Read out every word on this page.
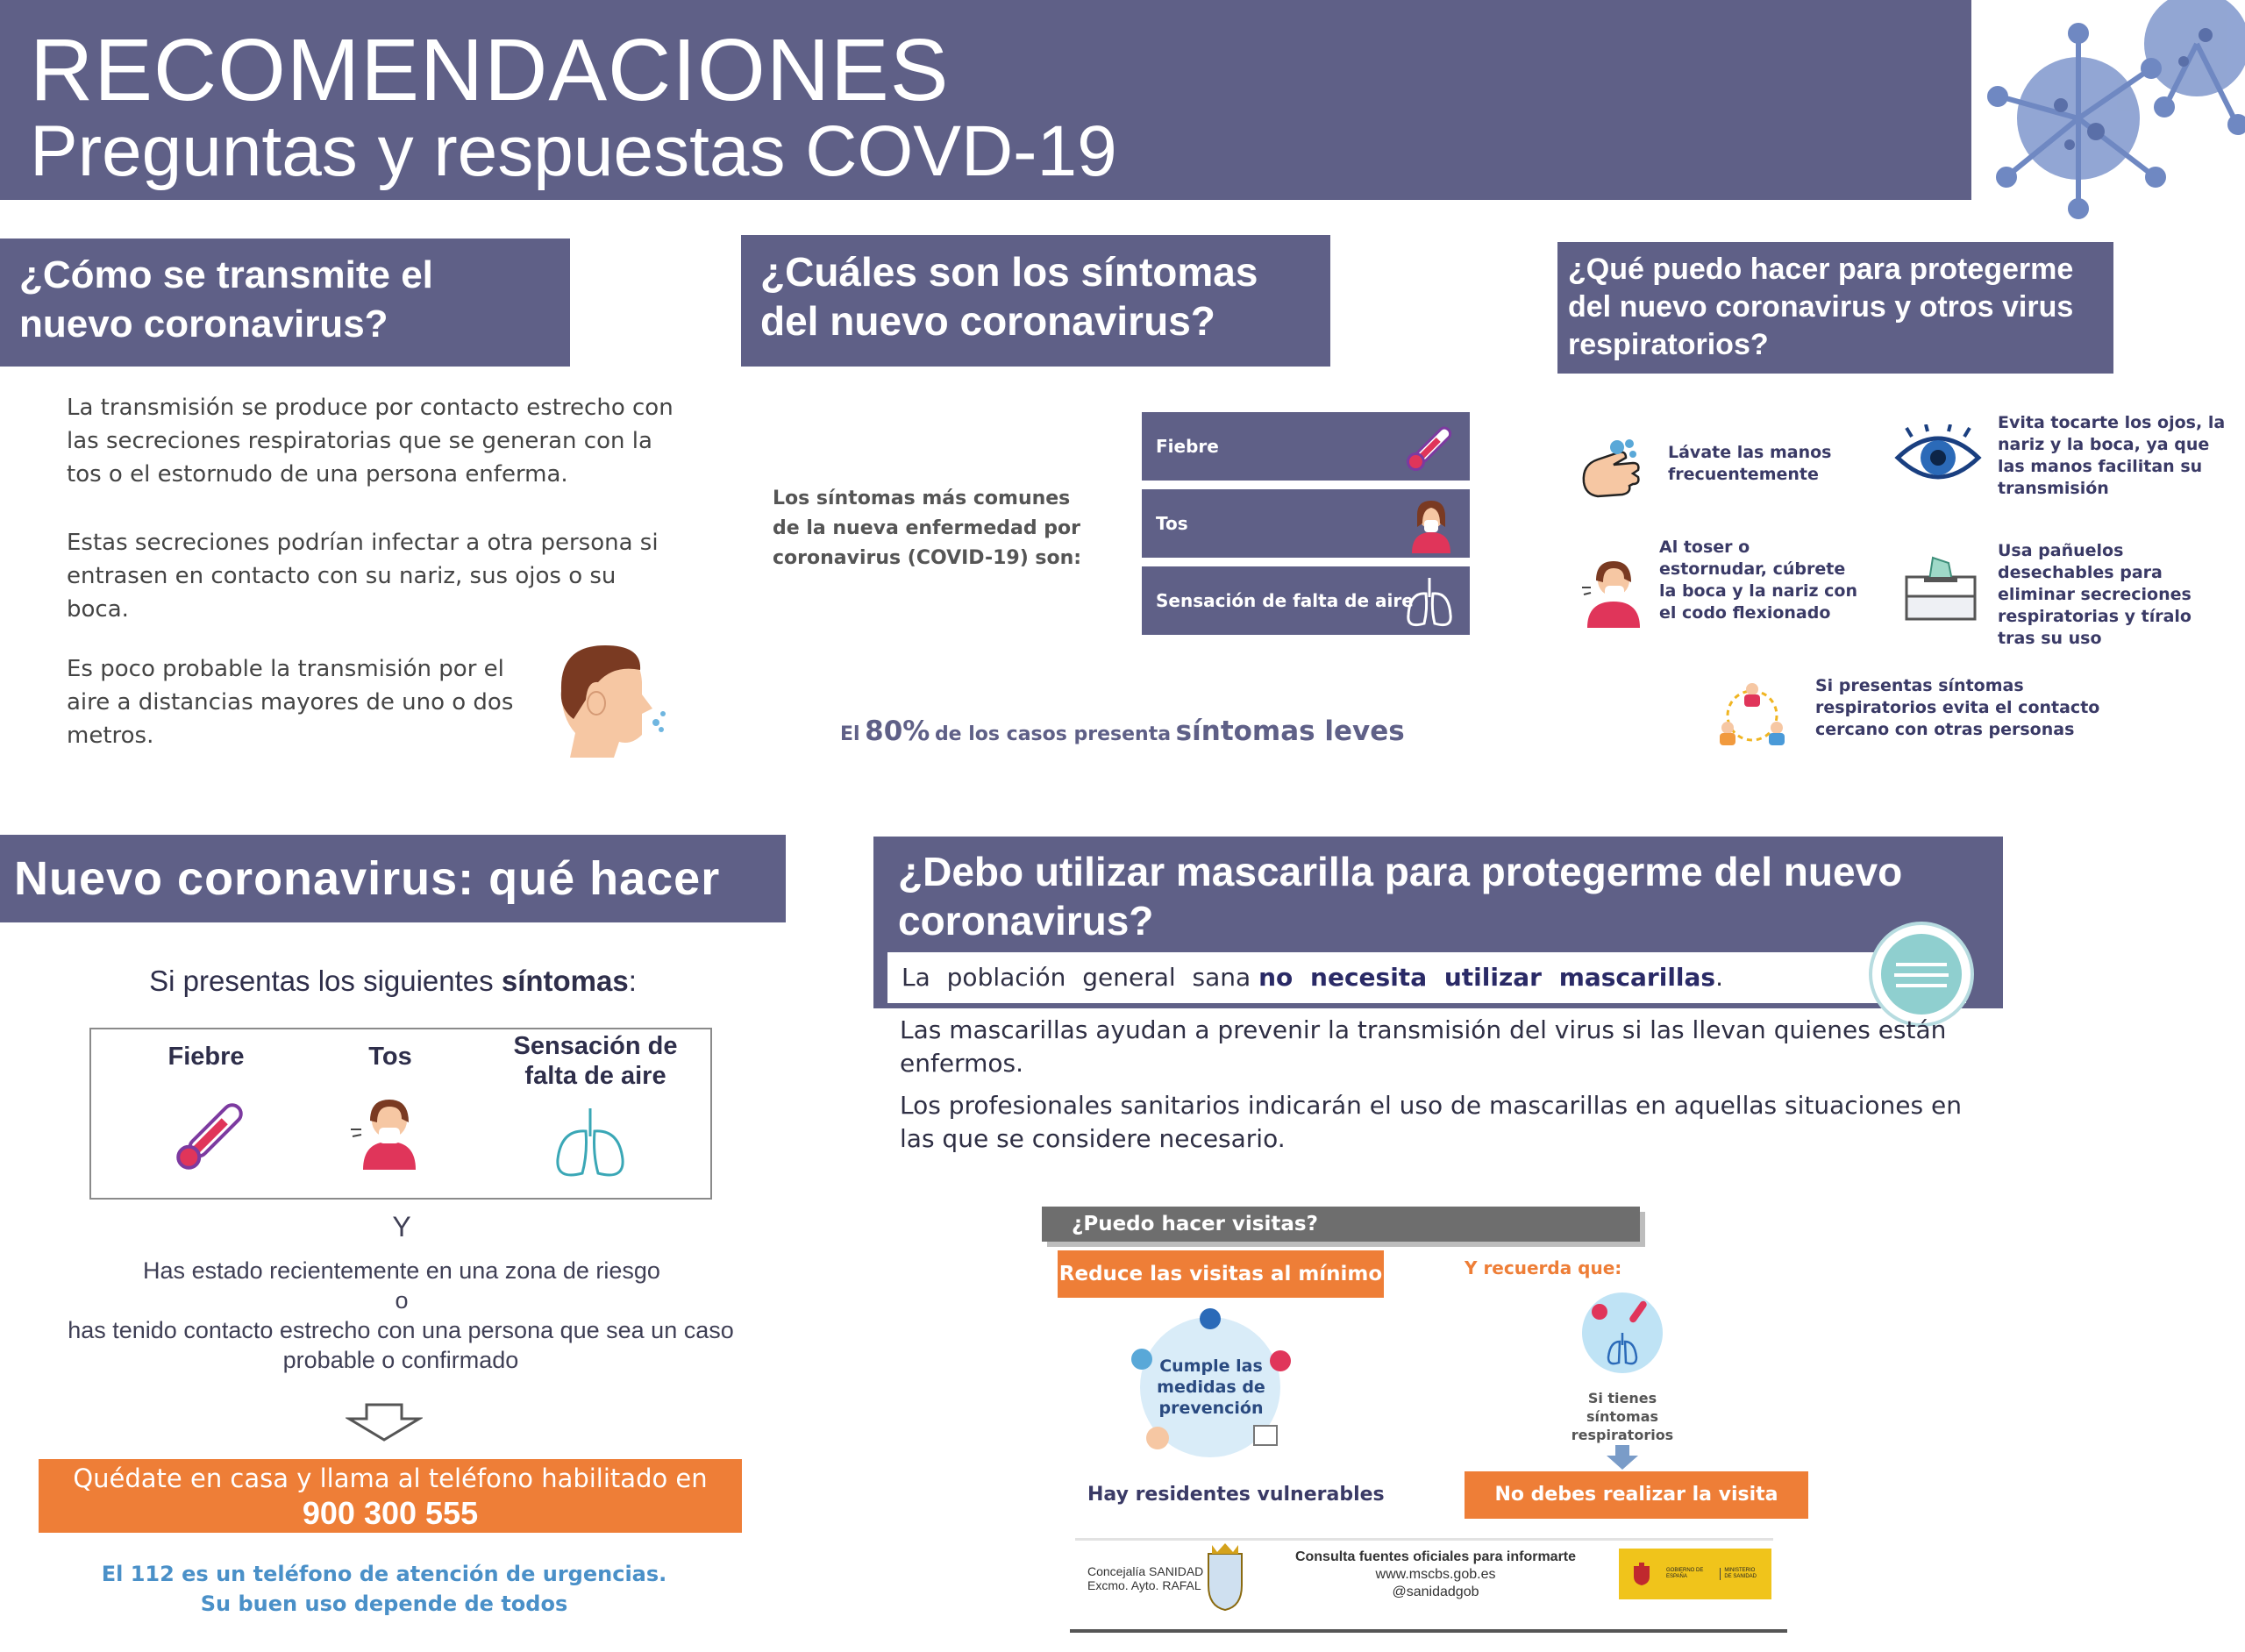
RECOMENDACIONES
Preguntas y respuestas COVD-19
¿Cómo se transmite el nuevo coronavirus?
La transmisión se produce por contacto estrecho con las secreciones respiratorias que se generan con la tos o el estornudo de una persona enferma.
Estas secreciones podrían infectar a otra persona si entrasen en contacto con su nariz, sus ojos o su boca.
Es poco probable la transmisión por el aire a distancias mayores de uno o dos metros.
¿Cuáles son los síntomas del nuevo coronavirus?
Los síntomas más comunes de la nueva enfermedad por coronavirus (COVID-19) son:
Fiebre
Tos
Sensación de falta de aire
El 80% de los casos presenta síntomas leves
¿Qué puedo hacer para protegerme del nuevo coronavirus y otros virus respiratorios?
Lávate las manos frecuentemente
Evita tocarte los ojos, la nariz y la boca, ya que las manos facilitan su transmisión
Al toser o estornudar, cúbrete la boca y la nariz con el codo flexionado
Usa pañuelos desechables para eliminar secreciones respiratorias y tíralo tras su uso
Si presentas síntomas respiratorios evita el contacto cercano con otras personas
Nuevo coronavirus: qué hacer
Si presentas los siguientes síntomas:
Fiebre	Tos	Sensación de falta de aire
Y
Has estado recientemente en una zona de riesgo
o
has tenido contacto estrecho con una persona que sea un caso probable o confirmado
Quédate en casa y llama al teléfono habilitado en
900 300 555
El 112 es un teléfono de atención de urgencias.
Su buen uso depende de todos
¿Debo utilizar mascarilla para protegerme del nuevo coronavirus?
La población general sana no necesita utilizar mascarillas.
Las mascarillas ayudan a prevenir la transmisión del virus si las llevan quienes están enfermos.
Los profesionales sanitarios indicarán el uso de mascarillas en aquellas situaciones en las que se considere necesario.
¿Puedo hacer visitas?
Reduce las visitas al mínimo	Y recuerda que:
Cumple las medidas de prevención
Si tienes síntomas respiratorios
Hay residentes vulnerables	No debes realizar la visita
Concejalía SANIDAD
Excmo. Ayto. RAFAL
Consulta fuentes oficiales para informarte
www.mscbs.gob.es
@sanidadgob
GOBIERNO DE ESPAÑA
MINISTERIO DE SANIDAD
